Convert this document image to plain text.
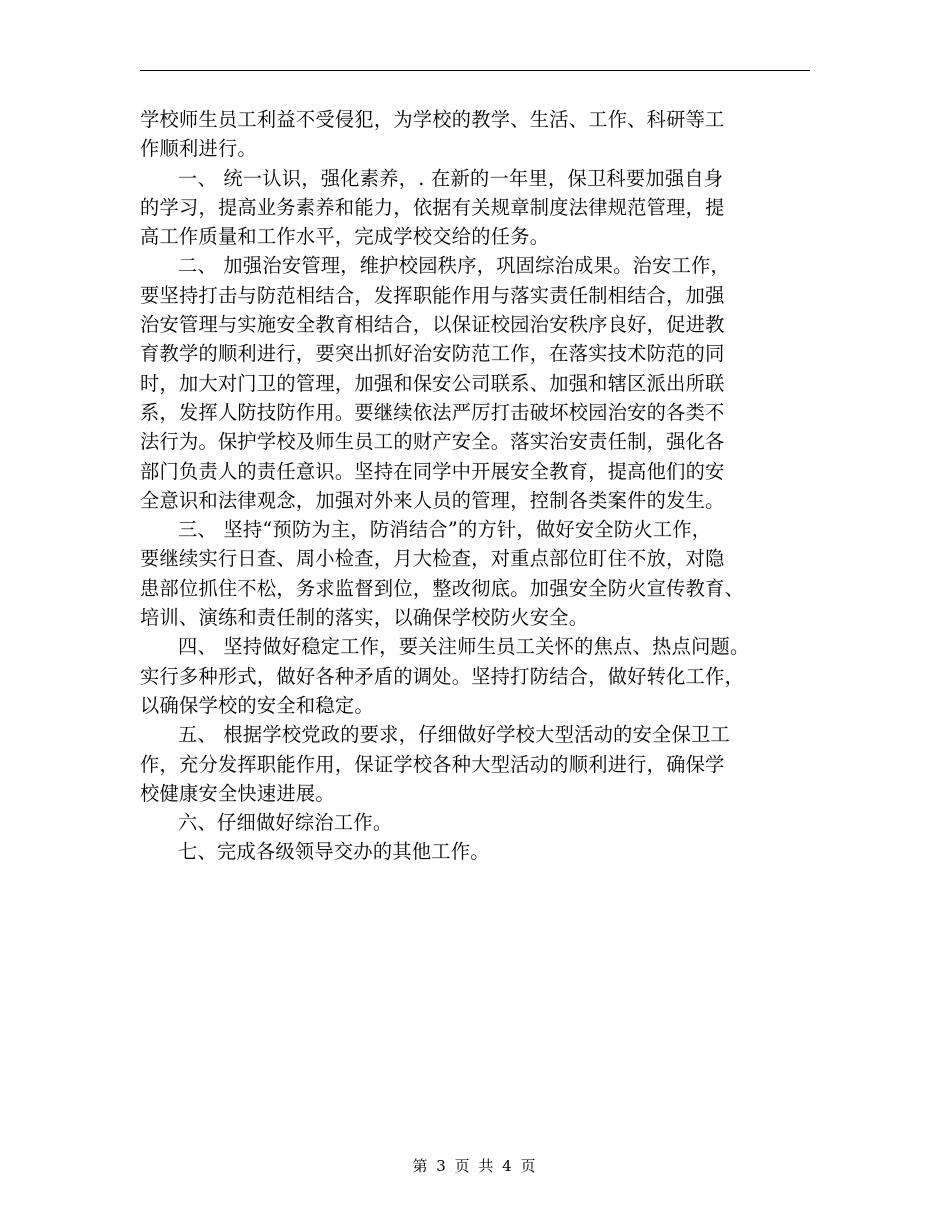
学校师生员工利益不受侵犯，为学校的教学、生活、工作、科研等工
作顺利进行。
一、 统一认识，强化素养，. 在新的一年里，保卫科要加强自身
的学习，提高业务素养和能力，依据有关规章制度法律规范管理，提
高工作质量和工作水平，完成学校交给的任务。
二、 加强治安管理，维护校园秩序，巩固综治成果。治安工作，
要坚持打击与防范相结合，发挥职能作用与落实责任制相结合，加强
治安管理与实施安全教育相结合，以保证校园治安秩序良好，促进教
育教学的顺利进行，要突出抓好治安防范工作，在落实技术防范的同
时，加大对门卫的管理，加强和保安公司联系、加强和辖区派出所联
系，发挥人防技防作用。要继续依法严厉打击破坏校园治安的各类不
法行为。保护学校及师生员工的财产安全。落实治安责任制，强化各
部门负责人的责任意识。坚持在同学中开展安全教育，提高他们的安
全意识和法律观念，加强对外来人员的管理，控制各类案件的发生。
三、 坚持“预防为主，防消结合”的方针，做好安全防火工作，
要继续实行日查、周小检查，月大检查，对重点部位盯住不放，对隐
患部位抓住不松，务求监督到位，整改彻底。加强安全防火宣传教育、
培训、演练和责任制的落实，以确保学校防火安全。
四、 坚持做好稳定工作，要关注师生员工关怀的焦点、热点问题。
实行多种形式，做好各种矛盾的调处。坚持打防结合，做好转化工作，
以确保学校的安全和稳定。
五、 根据学校党政的要求，仔细做好学校大型活动的安全保卫工
作，充分发挥职能作用，保证学校各种大型活动的顺利进行，确保学
校健康安全快速进展。
六、仔细做好综治工作。
七、完成各级领导交办的其他工作。
第 3 页 共 4 页
